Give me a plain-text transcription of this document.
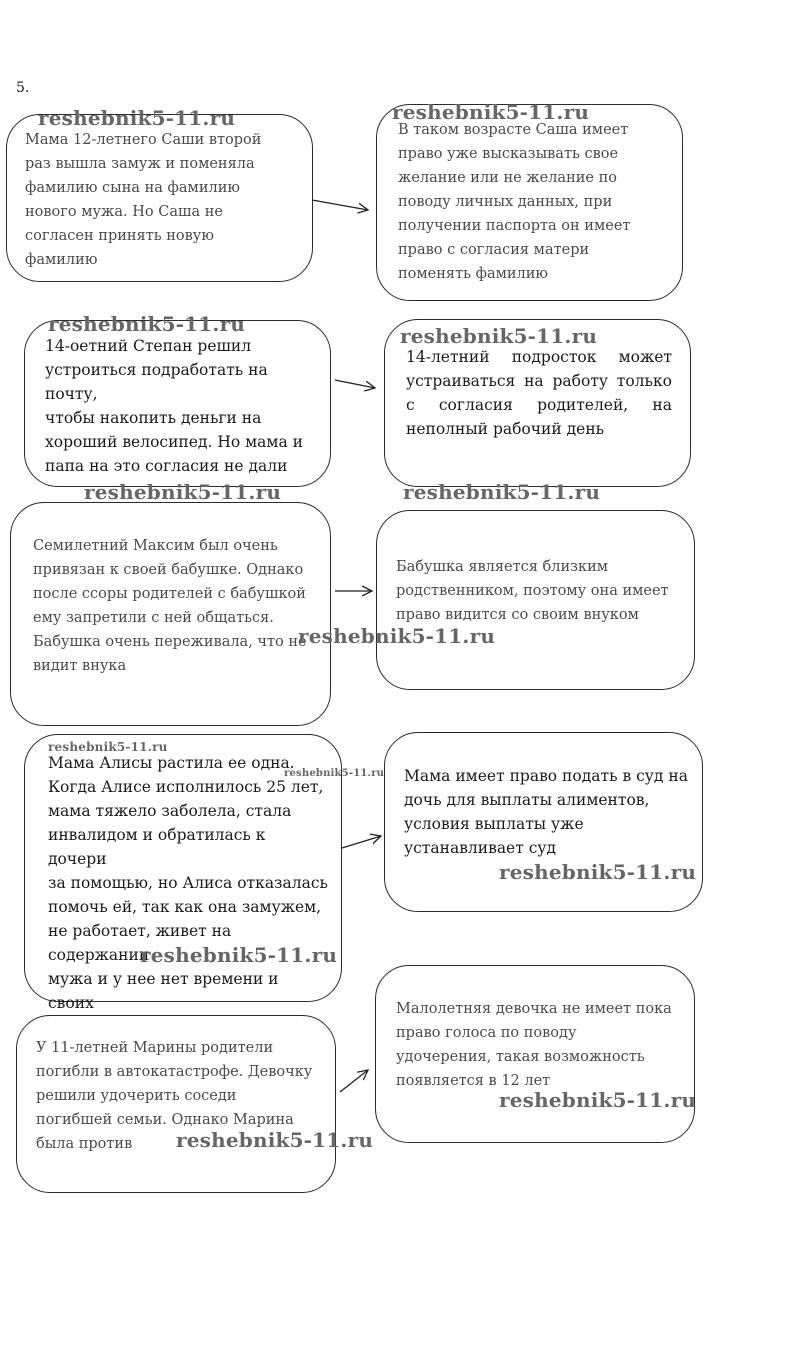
5.
Мама 12-летнего Саши второй
раз вышла замуж и поменяла
фамилию сына на фамилию
нового мужа. Но Саша не
согласен принять новую
фамилию
В таком возрасте Саша имеет
право уже высказывать свое
желание или не желание по
поводу личных данных, при
получении паспорта он имеет
право с согласия матери
поменять фамилию
14-оетний Степан решил
устроиться подработать на почту,
чтобы накопить деньги на
хороший велосипед. Но мама и
папа на это согласия не дали
14-летний подросток может устраиваться на работу только с согласия родителей, на неполный рабочий день
Семилетний Максим был очень
привязан к своей бабушке. Однако
после ссоры родителей с бабушкой
ему запретили с ней общаться.
Бабушка очень переживала, что не
видит внука
Бабушка является близким
родственником, поэтому она имеет
право видится со своим внуком
Мама Алисы растила ее одна.
Когда Алисе исполнилось 25 лет,
мама тяжело заболела, стала
инвалидом и обратилась к дочери
за помощью, но Алиса отказалась
помочь ей, так как она замужем,
не работает, живет на содержании
мужа и у нее нет времени и своих

Мама имеет право подать в суд на
дочь для выплаты алиментов,
условия выплаты уже
устанавливает суд
У 11-летней Марины родители
погибли в автокатастрофе. Девочку
решили удочерить соседи
погибшей семьи. Однако Марина
была против
Малолетняя девочка не имеет пока
право голоса по поводу
удочерения, такая возможность
появляется в 12 лет
reshebnik5-11.ru	reshebnik5-11.ru
reshebnik5-11.ru	reshebnik5-11.ru
reshebnik5-11.ru	reshebnik5-11.ru
reshebnik5-11.ru
reshebnik5-11.ru
reshebnik5-11.ru
reshebnik5-11.ru
reshebnik5-11.ru
reshebnik5-11.ru
reshebnik5-11.ru
